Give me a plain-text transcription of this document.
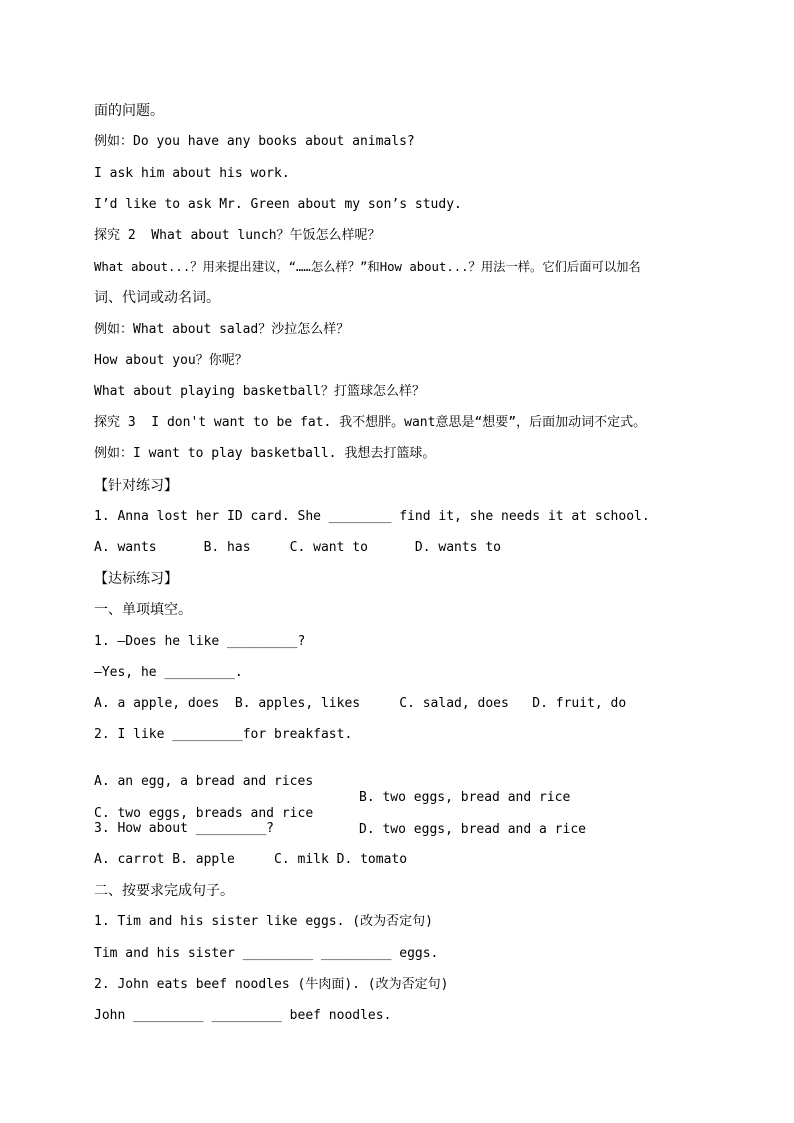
面的问题。
例如：Do you have any books about animals?
I ask him about his work.
I’d like to ask Mr. Green about my son’s study.
探究 2  What about lunch？午饭怎么样呢？
What about...？用来提出建议，“……怎么样？”和How about...？用法一样。它们后面可以加名
词、代词或动名词。
例如：What about salad？沙拉怎么样？
How about you？你呢？
What about playing basketball？打篮球怎么样？
探究 3  I don't want to be fat. 我不想胖。want意思是“想要”，后面加动词不定式。
例如：I want to play basketball. 我想去打篮球。
【针对练习】
1. Anna lost her ID card. She ________ find it, she needs it at school.
A. wants      B. has     C. want to      D. wants to
【达标练习】
一、单项填空。
1. —Does he like _________?
—Yes, he _________.
A. a apple, does  B. apples, likes     C. salad, does   D. fruit, do
2. I like _________for breakfast.

A. an egg, a bread and rices

B. two eggs, bread and rice

C. two eggs, breads and rice

D. two eggs, bread and a rice

3. How about _________?
A. carrot B. apple     C. milk D. tomato
二、按要求完成句子。
1. Tim and his sister like eggs. (改为否定句)
Tim and his sister _________ _________ eggs.
2. John eats beef noodles (牛肉面). (改为否定句)
John _________ _________ beef noodles.
